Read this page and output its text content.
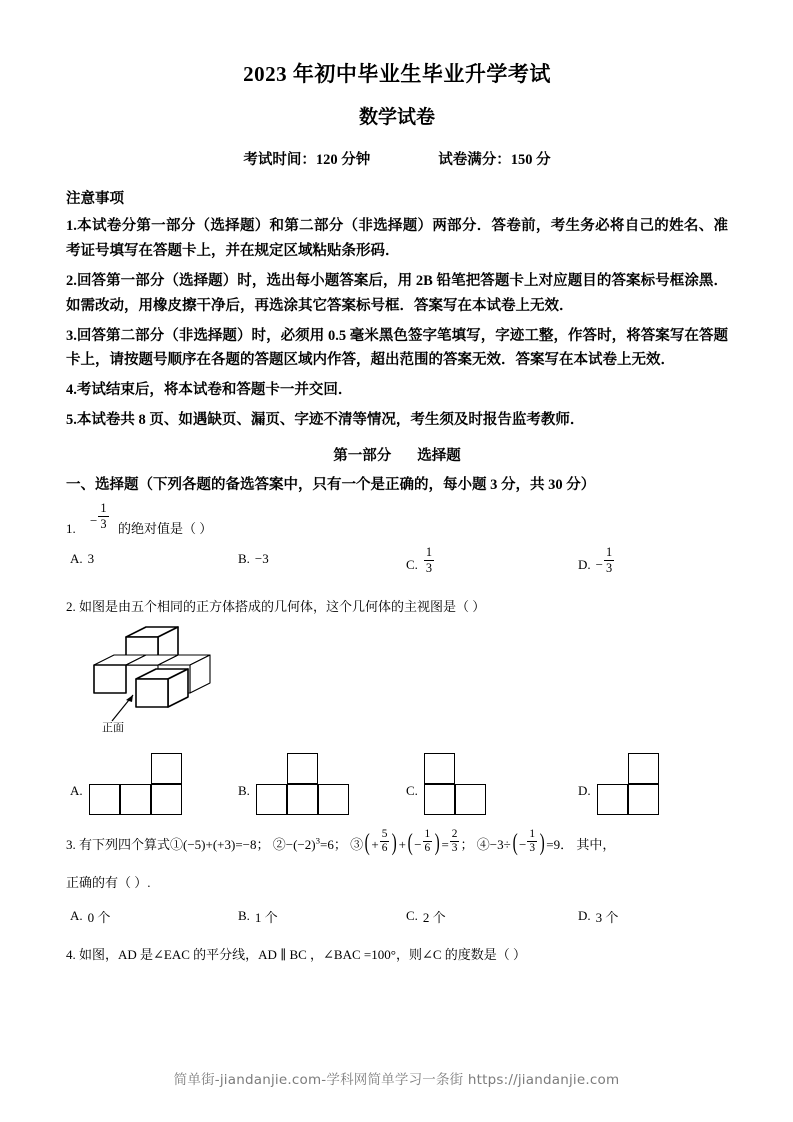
2023 年初中毕业生毕业升学考试
数学试卷
考试时间：120 分钟	试卷满分：150 分
注意事项
1.本试卷分第一部分（选择题）和第二部分（非选择题）两部分．答卷前，考生务必将自己的姓名、准考证号填写在答题卡上，并在规定区域粘贴条形码．
2.回答第一部分（选择题）时，选出每小题答案后，用 2B 铅笔把答题卡上对应题目的答案标号框涂黑．如需改动，用橡皮擦干净后，再选涂其它答案标号框．答案写在本试卷上无效．
3.回答第二部分（非选择题）时，必须用 0.5 毫米黑色签字笔填写，字迹工整，作答时，将答案写在答题卡上，请按题号顺序在各题的答题区域内作答，超出范围的答案无效．答案写在本试卷上无效．
4.考试结束后，将本试卷和答题卡一并交回．
5.本试卷共 8 页、如遇缺页、漏页、字迹不清等情况，考生须及时报告监考教师．
第一部分 选择题
一、选择题（下列各题的备选答案中，只有一个是正确的，每小题 3 分，共 30 分）
1.
− $\frac{1}{3}$ 的绝对值是（ ）
A. 3	B. −3	C. $\frac{1}{3}$	D. − $\frac{1}{3}$
2. 如图是由五个相同的正方体搭成的几何体，这个几何体的主视图是（ ）
正面
A.	B.	C.	D.
3. 有下列四个算式①(−5)+(+3)=−8； $②-(-2)^3=6$； ③( + $\frac{5}{6}$ ) +( − $\frac{1}{6}$ ) = $\frac{2}{3}$ ； ④−3÷( − $\frac{1}{3}$ ) =9． 其中，
正确的有（ ）.
A. 0 个	B. 1 个	C. 2 个	D. 3 个
4. 如图，AD 是∠EAC 的平分线，AD ∥ BC ，∠BAC =100°，则∠C 的度数是（ ）
简单街-jiandanjie.com-学科网简单学习一条街 https://jiandanjie.com
